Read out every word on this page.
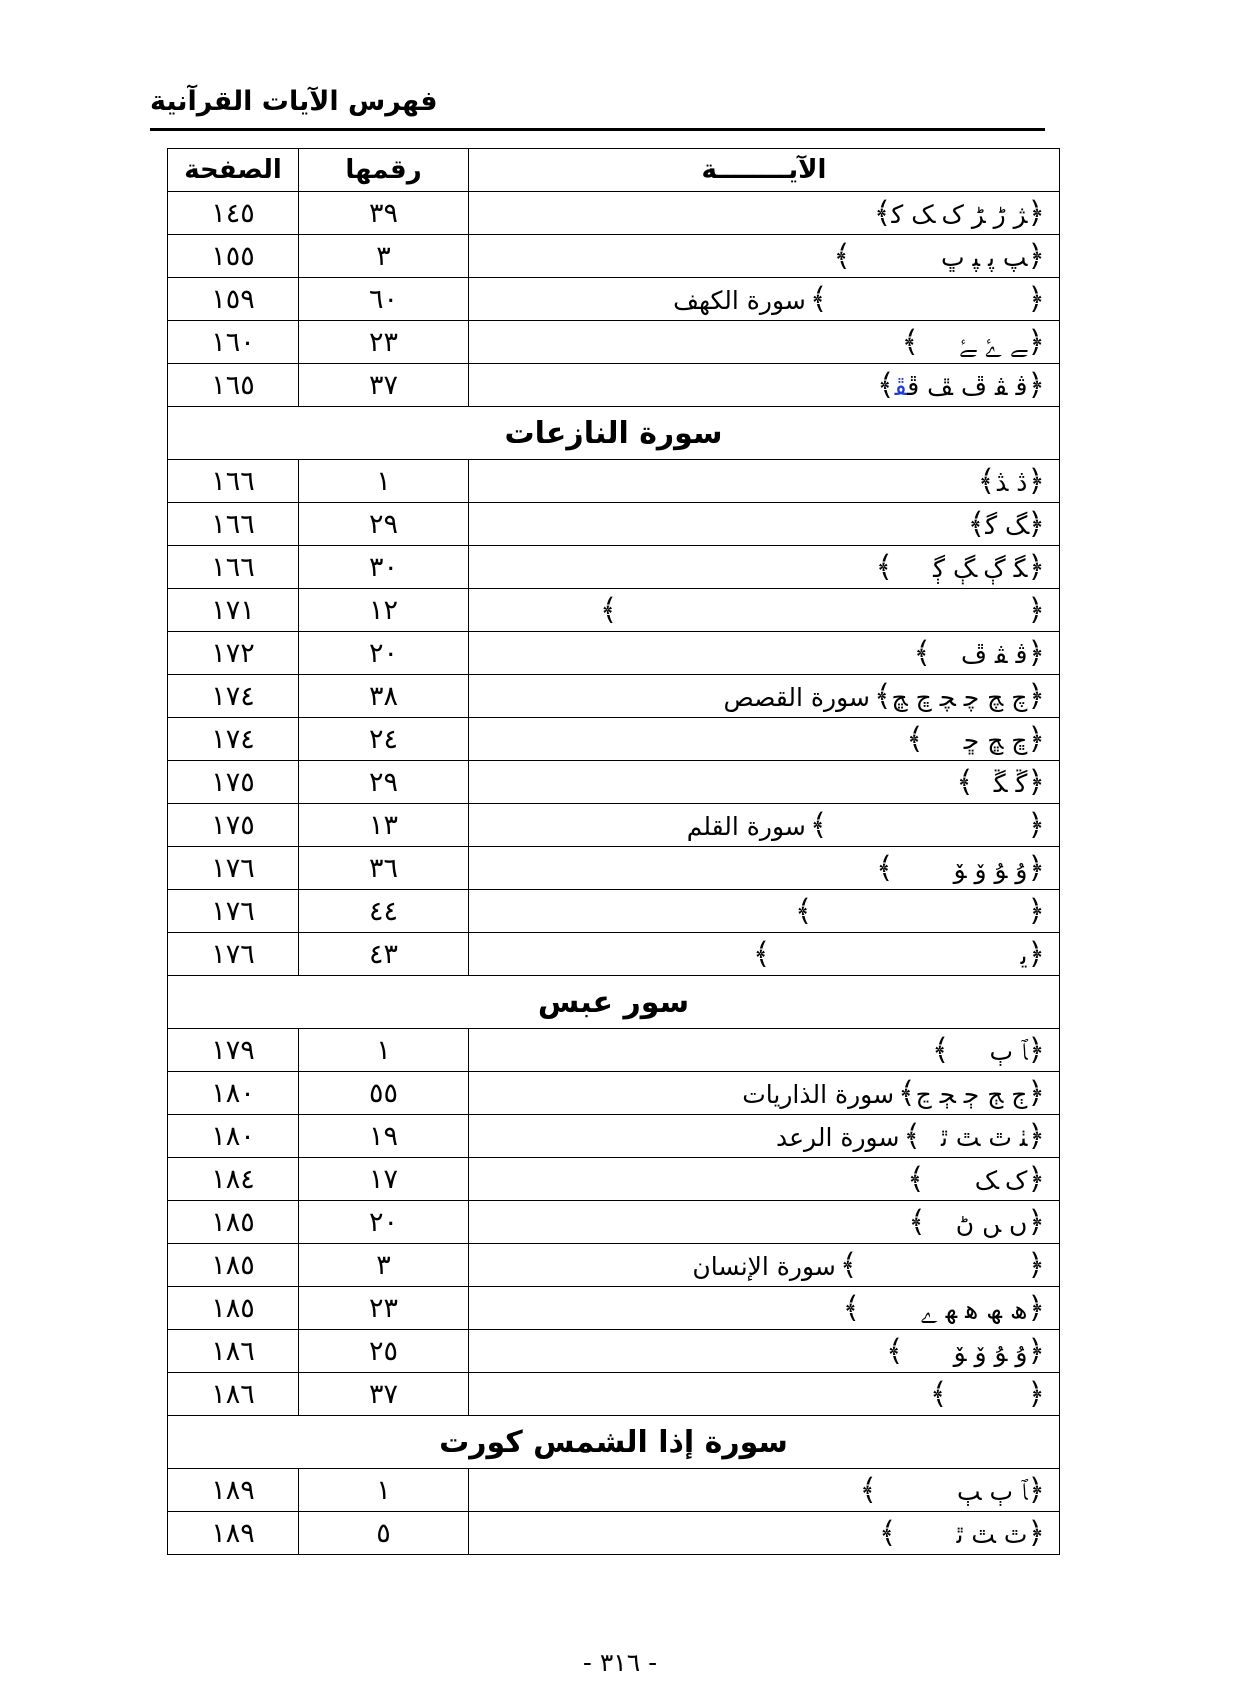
فهرس الآيات القرآنية
الصفحة	رقمها	الآيــــــــة
١٤٥	٣٩	﴿ﮋ ﮌ ﮍ ﮎ ﮏ ﮐ﴾
١٥٥	٣	﴿ﭗ ﭘ ﭙ ﭚ﴾
١٥٩	٦٠	﴿﴾سورة الكهف
١٦٠	٢٣	﴿ﮯ ﮰ ﮱ﴾
١٦٥	٣٧	﴿ﭬ ﭭ ﭮ ﭯ ﭰﭱ﴾
سورة النازعات		
١٦٦	١	﴿ﮆ ﮇ﴾
١٦٦	٢٩	﴿ﮓ ﮔ﴾
١٦٦	٣٠	﴿ﮕ ﮖ ﮗ ﮘ﴾
١٧١	١٢	﴿﴾
١٧٢	٢٠	﴿ﭬ ﭭ ﭮ﴾
١٧٤	٣٨	﴿ﭺ ﭻ ﭼ ﭽ ﭾ ﭿ﴾سورة القصص
١٧٤	٢٤	﴿ﭾ ﭿ ﮀ﴾
١٧٥	٢٩	﴿ﮜ ﮝ﴾
١٧٥	١٣	﴿﴾سورة القلم
١٧٦	٣٦	﴿ﯗ ﯘ ﯙ ﯚ﴾
١٧٦	٤٤	﴿﴾
١٧٦	٤٣	﴿ﯾ﴾
سور عبس		
١٧٩	١	﴿ﭑ ﭒ﴾
١٨٠	٥٥	﴿ﭲ ﭳ ﭴ ﭵ ﭶ﴾سورة الذاريات
١٨٠	١٩	﴿ﭡ ﭢ ﭣ ﭤ﴾سورة الرعد
١٨٤	١٧	﴿ﮎ ﮏ﴾
١٨٥	٢٠	﴿ﮞ ﮟ ﮠ﴾
١٨٥	٣	﴿﴾سورة الإنسان
١٨٥	٢٣	﴿ﮪ ﮫ ﮬ ﮭ ﮮ﴾
١٨٦	٢٥	﴿ﯗ ﯘ ﯙ ﯚ﴾
١٨٦	٣٧	﴿﴾
سورة إذا الشمس كورت		
١٨٩	١	﴿ﭑ ﭒ ﭓ﴾
١٨٩	٥	﴿ﭢ ﭣ ﭤ﴾
- ٣١٦ -
